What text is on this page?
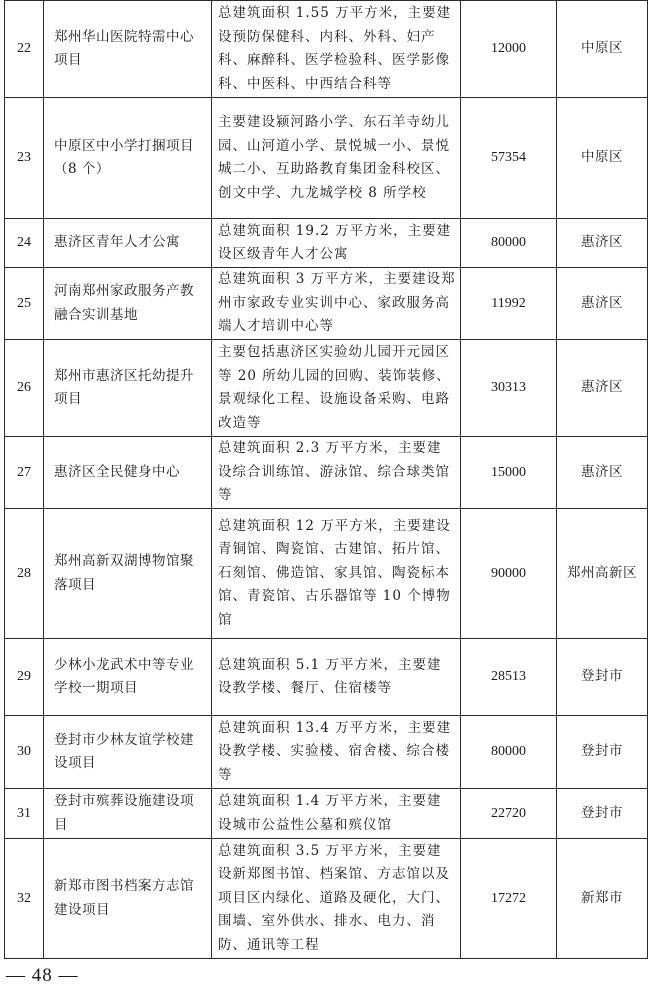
22	郑州华山医院特需中心项目	总建筑面积 1.55 万平方米，主要建设预防保健科、内科、外科、妇产科、麻醉科、医学检验科、医学影像科、中医科、中西结合科等	12000	中原区
23	中原区中小学打捆项目（8 个）	主要建设颍河路小学、东石羊寺幼儿园、山河道小学、景悦城一小、景悦城二小、互助路教育集团金科校区、创文中学、九龙城学校 8 所学校	57354	中原区
24	惠济区青年人才公寓	总建筑面积 19.2 万平方米，主要建设区级青年人才公寓	80000	惠济区
25	河南郑州家政服务产教融合实训基地	总建筑面积 3 万平方米，主要建设郑州市家政专业实训中心、家政服务高端人才培训中心等	11992	惠济区
26	郑州市惠济区托幼提升项目	主要包括惠济区实验幼儿园开元园区等 20 所幼儿园的回购、装饰装修、景观绿化工程、设施设备采购、电路改造等	30313	惠济区
27	惠济区全民健身中心	总建筑面积 2.3 万平方米，主要建设综合训练馆、游泳馆、综合球类馆等	15000	惠济区
28	郑州高新双湖博物馆聚落项目	总建筑面积 12 万平方米，主要建设青铜馆、陶瓷馆、古建馆、拓片馆、石刻馆、佛造馆、家具馆、陶瓷标本馆、青瓷馆、古乐器馆等 10 个博物馆	90000	郑州高新区
29	少林小龙武术中等专业学校一期项目	总建筑面积 5.1 万平方米，主要建设教学楼、餐厅、住宿楼等	28513	登封市
30	登封市少林友谊学校建设项目	总建筑面积 13.4 万平方米，主要建设教学楼、实验楼、宿舍楼、综合楼等	80000	登封市
31	登封市殡葬设施建设项目	总建筑面积 1.4 万平方米，主要建设城市公益性公墓和殡仪馆	22720	登封市
32	新郑市图书档案方志馆建设项目	总建筑面积 3.5 万平方米，主要建设新郑图书馆、档案馆、方志馆以及项目区内绿化、道路及硬化，大门、围墙、室外供水、排水、电力、消防、通讯等工程	17272	新郑市
— 48 —
